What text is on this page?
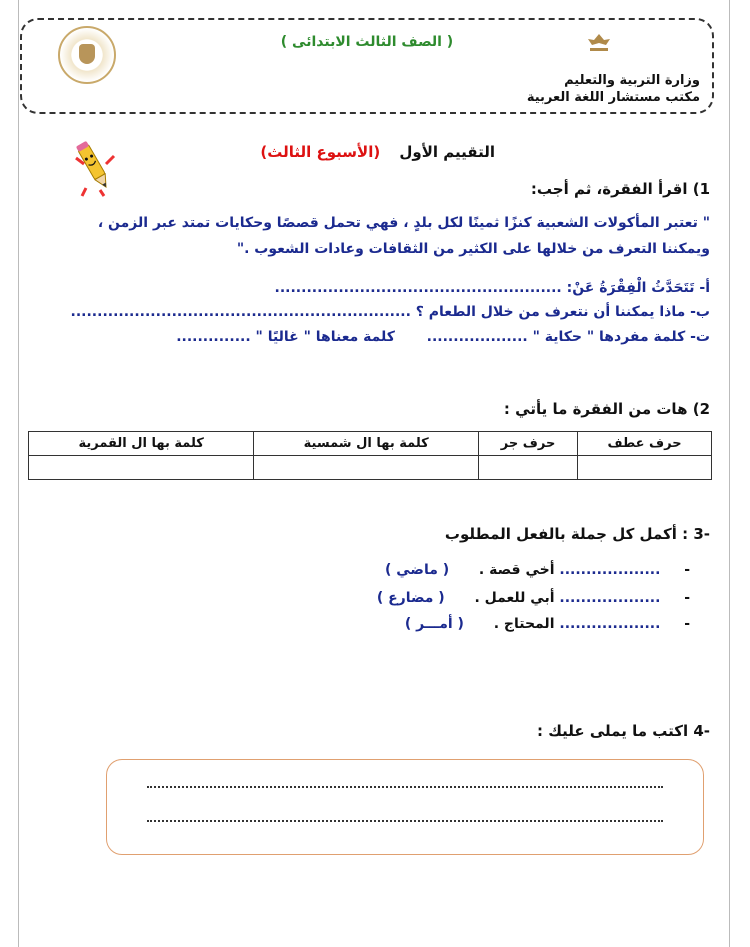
( الصف الثالث الابتدائى )
وزارة التربية والتعليم
مكتب مستشار اللغة العربية
التقييم الأول (الأسبوع الثالث)
1) اقرأ الفقرة، ثم أجب:
" تعتبر المأكولات الشعبية كنزًا ثمينًا لكل بلدٍ ، فهي تحمل قصصًا وحكايات تمتد عبر الزمن ،
ويمكننا التعرف من خلالها على الكثير من الثقافات وعادات الشعوب ."
أ- تَتَحَدَّثُ الْفِقْرَةُ عَنْ: ......................................................
ب- ماذا يمكننا أن نتعرف من خلال الطعام ؟ ................................................................
ت- كلمة مفردها " حكاية " ...................  كلمة معناها " غاليًا " ..............
2) هات من الفقرة ما يأتي :
حرف عطف	حرف جر	كلمة بها ال شمسية	كلمة بها ال القمرية

-3 : أكمل كل جملة بالفعل المطلوب
-  ................... أخي قصة .  ( ماضي )
-  ................... أبي للعمل .  ( مضارع )
-  ................... المحتاج .  ( أمـــر )
-4 اكتب ما يملى عليك :
